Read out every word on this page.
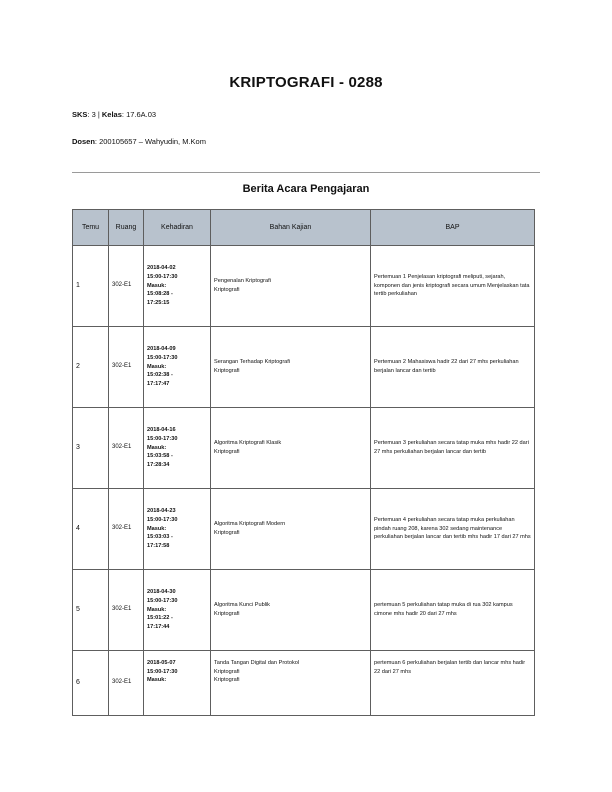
KRIPTOGRAFI - 0288
SKS: 3 | Kelas: 17.6A.03
Dosen: 200105657 – Wahyudin, M.Kom
Berita Acara Pengajaran
Temu	Ruang	Kehadiran	Bahan Kajian	BAP
1	302-E1	2018-04-02
15:00-17:30
Masuk:
15:08:28 -
17:25:15	Pengenalan Kriptografi
Kriptografi	Pertemuan 1 Penjelasan kriptografi meliputi, sejarah, komponen dan jenis kriptografi secara umum Menjelaskan tata tertib perkuliahan
2	302-E1	2018-04-09
15:00-17:30
Masuk:
15:02:38 -
17:17:47	Serangan Terhadap Kriptografi
Kriptografi	Pertemuan 2 Mahasiswa hadir 22 dari 27 mhs perkuliahan berjalan lancar dan tertib
3	302-E1	2018-04-16
15:00-17:30
Masuk:
15:03:58 -
17:28:34	Algoritma Kriptografi Klasik
Kriptografi	Pertemuan 3 perkuliahan secara tatap muka mhs hadir 22 dari 27 mhs perkuliahan berjalan lancar dan tertib
4	302-E1	2018-04-23
15:00-17:30
Masuk:
15:03:03 -
17:17:58	Algoritma Kriptografi Modern
Kriptografi	Pertemuan 4 perkuliahan secara tatap muka perkuliahan pindah ruang 208, karena 302 sedang maintenance perkuliahan berjalan lancar dan tertib mhs hadir 17 dari 27 mhs
5	302-E1	2018-04-30
15:00-17:30
Masuk:
15:01:22 -
17:17:44	Algoritma Kunci Publik
Kriptografi	pertemuan 5 perkuliahan tatap muka di rua 302 kampus cimone mhs hadir 20 dari 27 mhs
6	302-E1	2018-05-07
15:00-17:30
Masuk:	Tanda Tangan Digital dan Protokol
Kriptografi
Kriptografi	pertemuan 6 perkuliahan berjalan tertib dan lancar mhs hadir 22 dari 27 mhs
